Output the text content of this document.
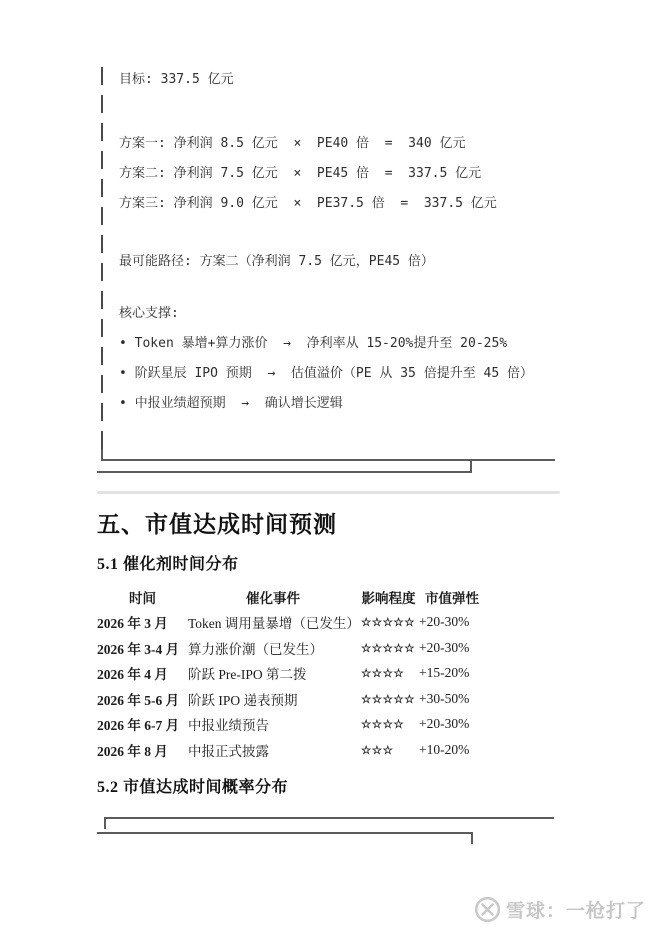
目标: 337.5 亿元
方案一: 净利润 8.5 亿元  ×  PE40 倍  =  340 亿元
方案二: 净利润 7.5 亿元  ×  PE45 倍  =  337.5 亿元
方案三: 净利润 9.0 亿元  ×  PE37.5 倍  =  337.5 亿元
最可能路径: 方案二（净利润 7.5 亿元，PE45 倍）
核心支撑:
• Token 暴增+算力涨价  →  净利率从 15-20%提升至 20-25%
• 阶跃星辰 IPO 预期  →  估值溢价（PE 从 35 倍提升至 45 倍）
• 中报业绩超预期  →  确认增长逻辑
五、市值达成时间预测
5.1 催化剂时间分布
时间	催化事件	影响程度 市值弹性
2026 年 3 月	Token 调用量暴增（已发生） ☆☆☆☆☆ +20-30%
2026 年 3-4 月 算力涨价潮（已发生）	☆☆☆☆☆ +20-30%
2026 年 4 月	阶跃 Pre-IPO 第二拨	☆☆☆☆	+15-20%
2026 年 5-6 月 阶跃 IPO 递表预期	☆☆☆☆☆ +30-50%
2026 年 6-7 月 中报业绩预告	☆☆☆☆	+20-30%
2026 年 8 月	中报正式披露	☆☆☆	+10-20%
5.2 市值达成时间概率分布
雪球：一枪打了
